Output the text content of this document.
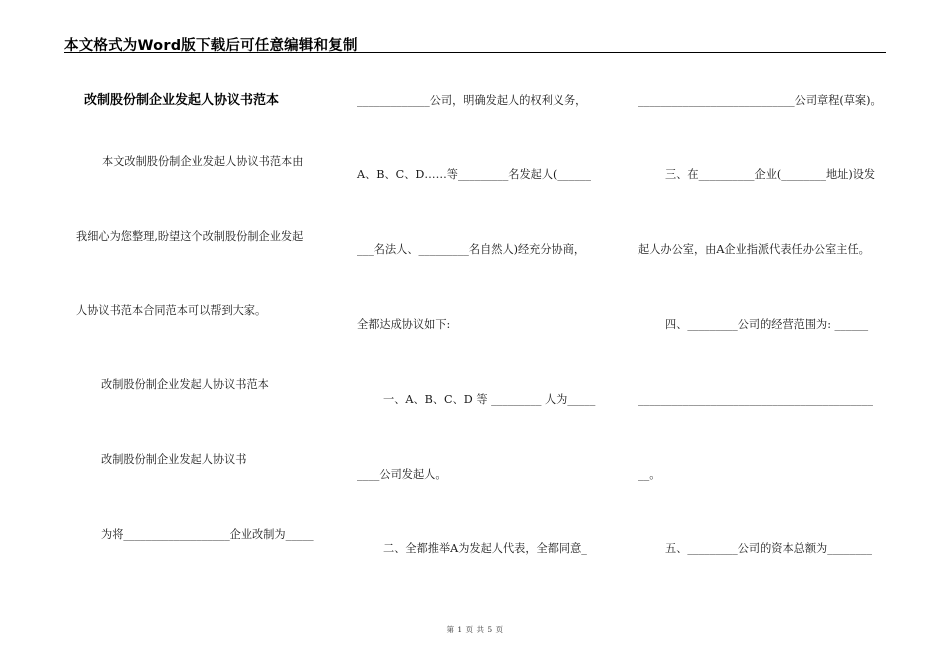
本文格式为Word版下载后可任意编辑和复制
改制股份制企业发起人协议书范本
本文改制股份制企业发起人协议书范本由
我细心为您整理,盼望这个改制股份制企业发起
人协议书范本合同范本可以帮到大家。
改制股份制企业发起人协议书范本
改制股份制企业发起人协议书
为将___________________企业改制为_____
_____________公司，明确发起人的权利义务，
A、B、C、D……等_________名发起人(______
___名法人、_________名自然人)经充分协商，
全都达成协议如下:
一、A、B、C、D 等 _________ 人为_____
____公司发起人。
二、全都推举A为发起人代表，全都同意_
____________________________公司章程(草案)。
三、在__________企业(________地址)设发
起人办公室，由A企业指派代表任办公室主任。
四、_________公司的经营范围为: ______
__________________________________________
__。
五、_________公司的资本总额为________
第 1 页 共 5 页
